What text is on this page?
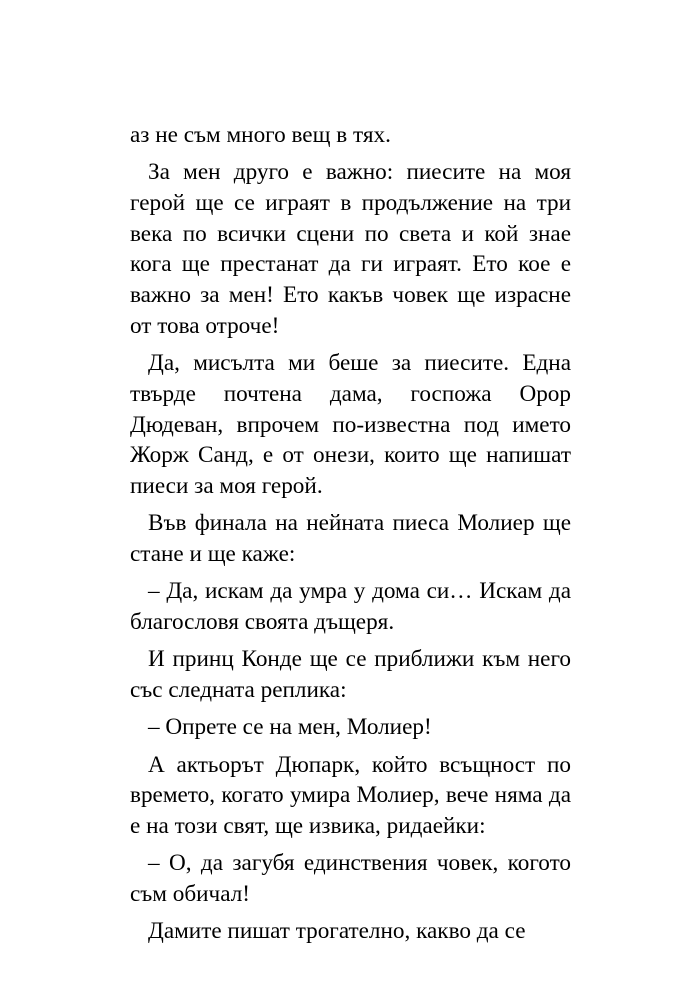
аз не съм много вещ в тях.

За мен друго е важно: пиесите на моя герой ще се играят в продължение на три века по всички сцени по света и кой знае кога ще престанат да ги играят. Ето кое е важно за мен! Ето какъв човек ще израсне от това отроче!

Да, мисълта ми беше за пиесите. Една твърде почтена дама, госпожа Орор Дюдеван, впрочем по-известна под името Жорж Санд, е от онези, които ще напишат пиеси за моя герой.

Във финала на нейната пиеса Молиер ще стане и ще каже:

– Да, искам да умра у дома си… Искам да благословя своята дъщеря.

И принц Конде ще се приближи към него със следната реплика:

– Опрете се на мен, Молиер!

А актьорът Дюпарк, който всъщност по времето, когато умира Молиер, вече няма да е на този свят, ще извика, ридаейки:

– О, да загубя единствения човек, когото съм обичал!

Дамите пишат трогателно, какво да се
